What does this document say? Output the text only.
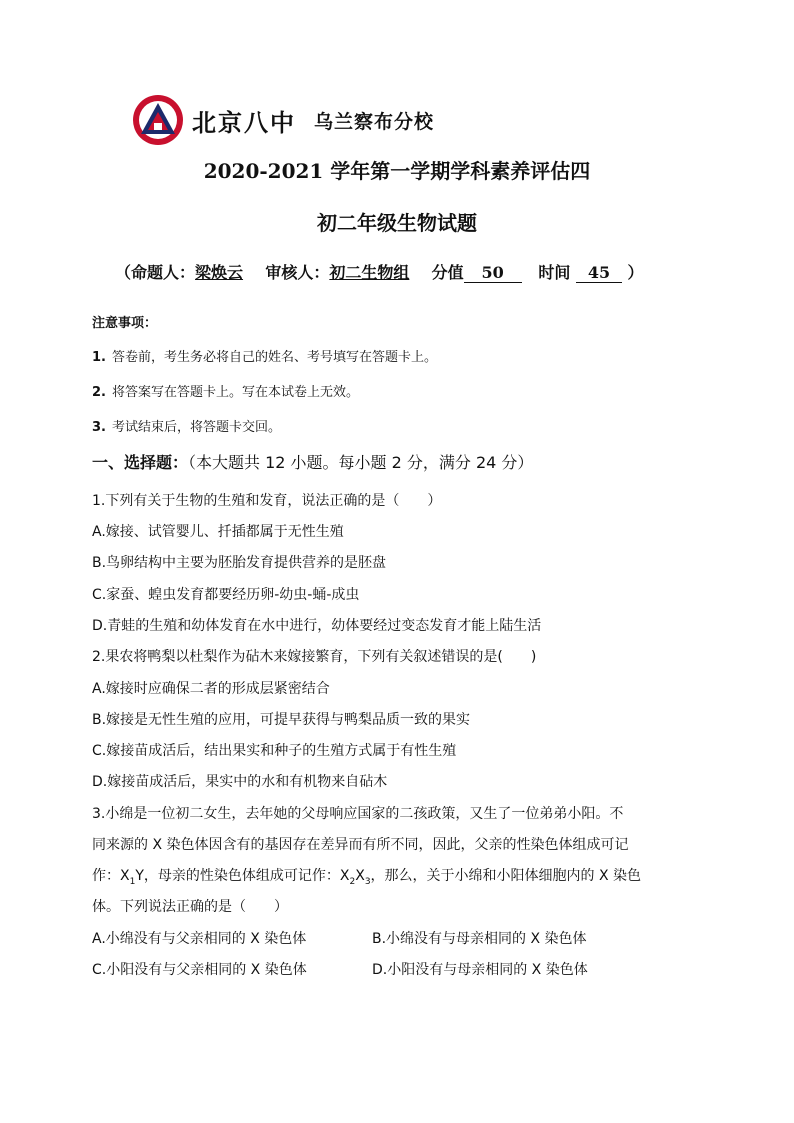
北京八中 乌兰察布分校
2020-2021 学年第一学期学科素养评估四
初二年级生物试题
（命题人：梁焕云 审核人：初二生物组 分值 50 时间 45 ）
注意事项：
1. 答卷前，考生务必将自己的姓名、考号填写在答题卡上。
2. 将答案写在答题卡上。写在本试卷上无效。
3. 考试结束后，将答题卡交回。
一、选择题：（本大题共 12 小题。每小题 2 分，满分 24 分）
1.下列有关于生物的生殖和发育，说法正确的是（　　）
A.嫁接、试管婴儿、扦插都属于无性生殖
B.鸟卵结构中主要为胚胎发育提供营养的是胚盘
C.家蚕、蝗虫发育都要经历卵-幼虫-蛹-成虫
D.青蛙的生殖和幼体发育在水中进行，幼体要经过变态发育才能上陆生活
2.果农将鸭梨以杜梨作为砧木来嫁接繁育，下列有关叙述错误的是(　　)
A.嫁接时应确保二者的形成层紧密结合
B.嫁接是无性生殖的应用，可提早获得与鸭梨品质一致的果实
C.嫁接苗成活后，结出果实和种子的生殖方式属于有性生殖
D.嫁接苗成活后，果实中的水和有机物来自砧木
3.小绵是一位初二女生，去年她的父母响应国家的二孩政策，又生了一位弟弟小阳。不
同来源的 X 染色体因含有的基因存在差异而有所不同，因此，父亲的性染色体组成可记
作：$X_1Y$，母亲的性染色体组成可记作：$X_2X_3$，那么，关于小绵和小阳体细胞内的 X 染色
体。下列说法正确的是（　　）
A.小绵没有与父亲相同的 X 染色体	B.小绵没有与母亲相同的 X 染色体
C.小阳没有与父亲相同的 X 染色体	D.小阳没有与母亲相同的 X 染色体
